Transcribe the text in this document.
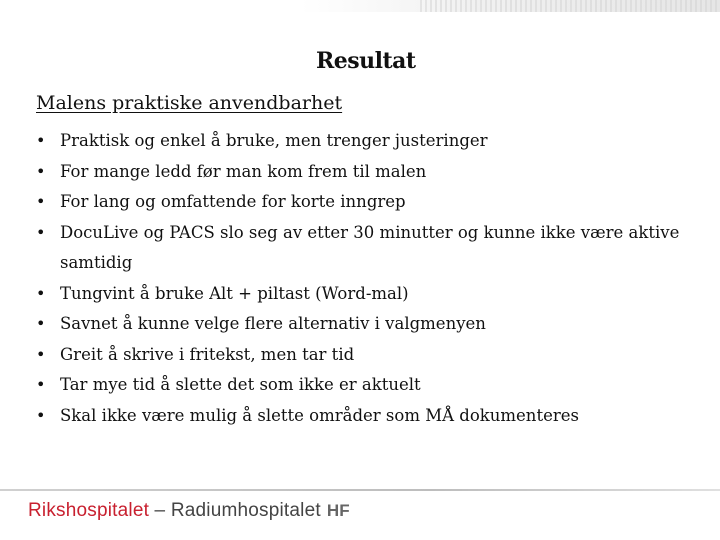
Resultat
Malens praktiske anvendbarhet
• Praktisk og enkel å bruke, men trenger justeringer
• For mange ledd før man kom frem til malen
• For lang og omfattende for korte inngrep
• DocuLive og PACS slo seg av etter 30 minutter og kunne ikke være aktive samtidig
• Tungvint å bruke Alt + piltast (Word-mal)
• Savnet å kunne velge flere alternativ i valgmenyen
• Greit å skrive i fritekst, men tar tid
• Tar mye tid å slette det som ikke er aktuelt
• Skal ikke være mulig å slette områder som MÅ dokumenteres
Rikshospitalet – Radiumhospitalet HF
